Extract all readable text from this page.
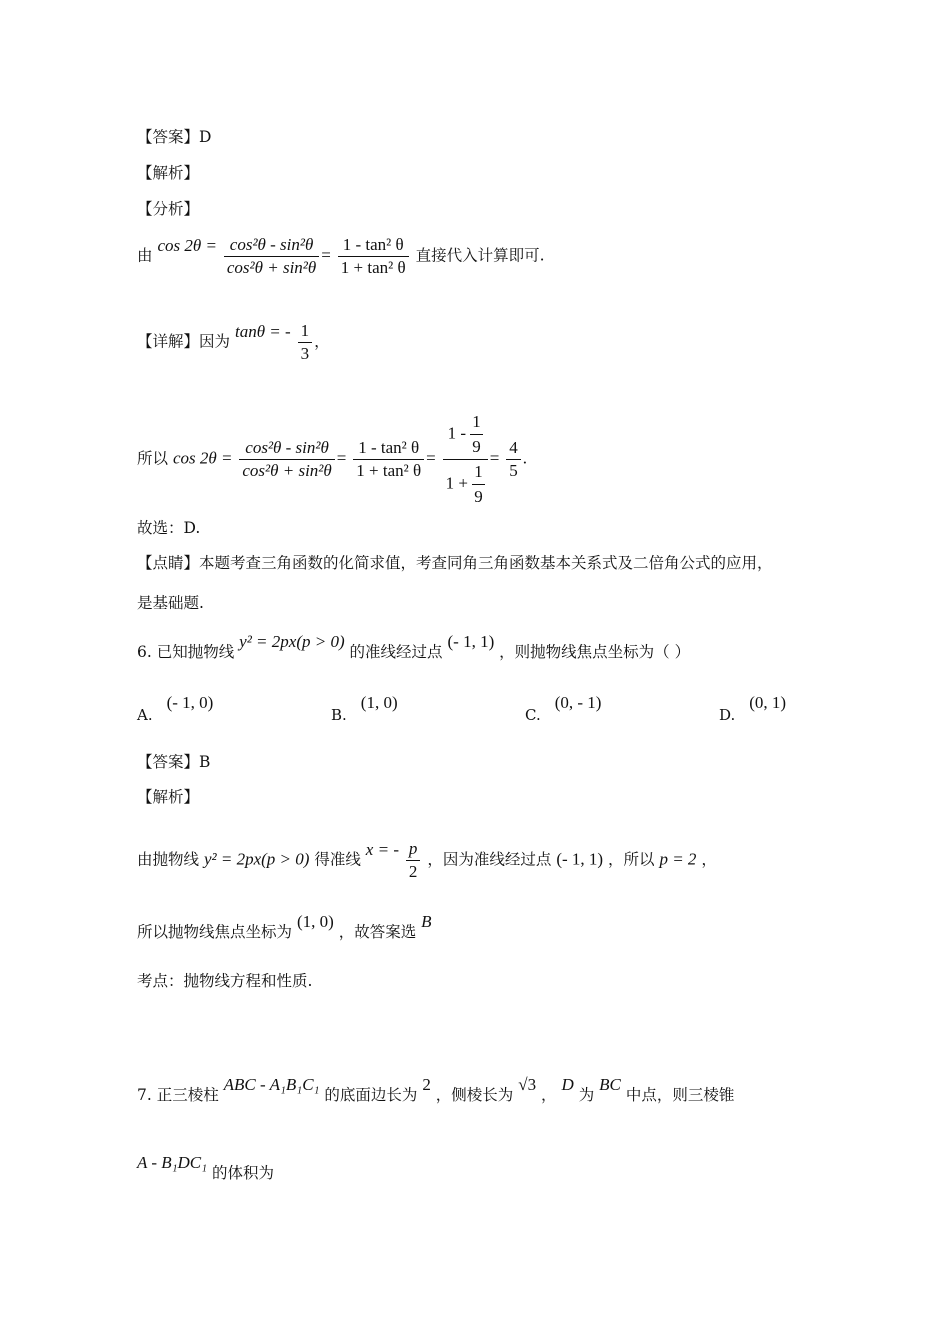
【答案】D
【解析】
【分析】
由 $\cos 2\theta = \frac{\text{cos²θ - sin²θ}}{\text{cos²θ + sin²θ}} = \frac{\text{1 - tan² θ}}{\text{1 + tan² θ}}$ 直接代入计算即可.
【详解】因为 tanθ = - $\frac{1}{3}$ ，
所以 $\cos 2\theta = \frac{\text{cos²θ - sin²θ}}{\text{cos²θ + sin²θ}} = \frac{\text{1 - tan² θ}}{\text{1 + tan² θ}} = \frac{1 - \frac{1}{9}}{1 + \frac{1}{9}} = \frac{4}{5}$ .
故选：D.
【点睛】本题考查三角函数的化简求值，考查同角三角函数基本关系式及二倍角公式的应用，
是基础题.
6. 已知抛物线 y² = 2px(p > 0) 的准线经过点 (- 1, 1) ，则抛物线焦点坐标为（ ）
A.(- 1, 0)
B.(1, 0)
C.(0, - 1)
D.(0, 1)
【答案】B
【解析】
由抛物线 y² = 2px(p > 0) 得准线 x = - $\frac{p}{2}$ ，因为准线经过点 (- 1, 1) ，所以 p = 2 ，
所以抛物线焦点坐标为 (1, 0) ，故答案选 B
考点：抛物线方程和性质.
7. 正三棱柱 ABC - A₁B₁C₁ 的底面边长为 2 ，侧棱长为 √3 ， D 为 BC 中点，则三棱锥
A - B₁DC₁ 的体积为
